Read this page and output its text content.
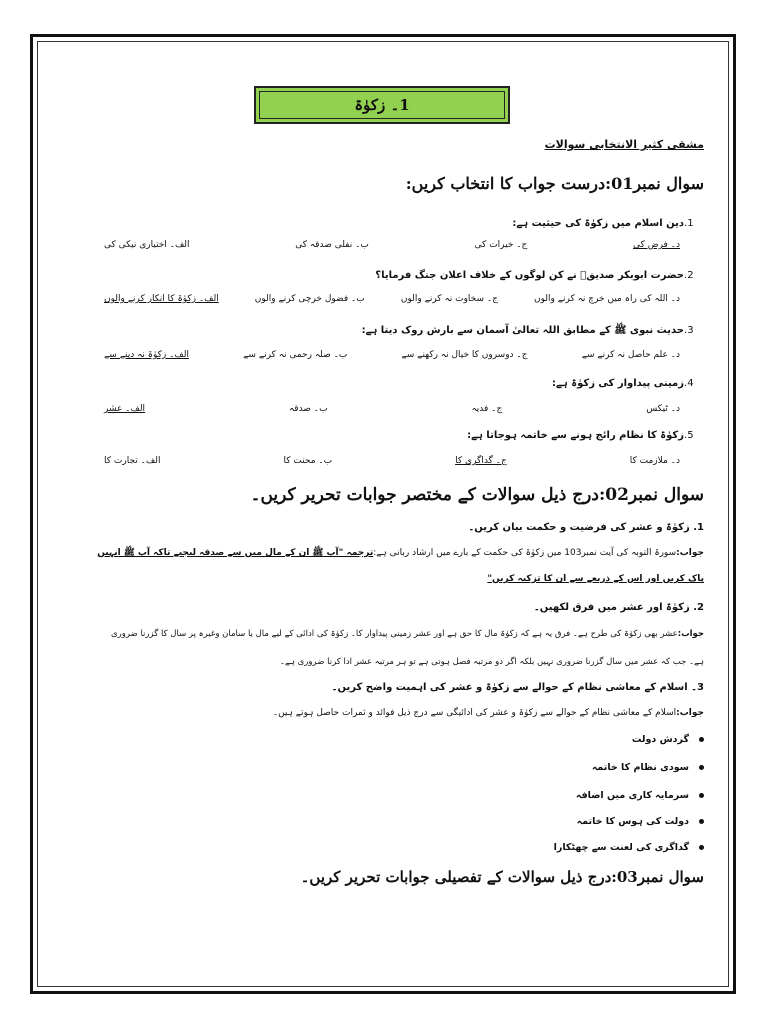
1۔ زکوٰۃ
مشقی کثیر الانتخابی سوالات
سوال نمبر01:درست جواب کا انتخاب کریں:
1.دین اسلام میں زکوٰۃ کی حیثیت ہے:
الف۔ اختیاری نیکی کی	ب۔ نفلی صدقہ کی	ج۔ خیرات کی	د۔ فرض کی
2.حضرت ابوبکر صدیقؓ نے کن لوگوں کے خلاف اعلان جنگ فرمایا؟
الف۔ زکوٰۃ کا انکار کرنے والوں	ب۔ فضول خرچی کرنے والوں	ج۔ سخاوت نہ کرنے والوں	د۔ اللہ کی راہ میں خرچ نہ کرنے والوں
3.حدیث نبوی ﷺ کے مطابق اللہ تعالیٰ آسمان سے بارش روک دیتا ہے:
الف۔ زکوٰۃ نہ دینے سے	ب۔ صلہ رحمی نہ کرنے سے	ج۔ دوسروں کا خیال نہ رکھنے سے	د۔ علم حاصل نہ کرنے سے
4.زمینی پیداوار کی زکوٰۃ ہے:
الف۔ عشر	ب۔ صدقہ	ج۔ فدیہ	د۔ ٹیکس
5.زکوٰۃ کا نظام رائج ہونے سے خاتمہ ہوجاتا ہے:
الف۔ تجارت کا	ب۔ محنت کا	ج۔ گداگری کا	د۔ ملازمت کا
سوال نمبر02:درج ذیل سوالات کے مختصر جوابات تحریر کریں۔
1. زکوٰۃ و عشر کی فرضیت و حکمت بیان کریں۔
جواب:سورۃ التوبہ کی آیت نمبر103 میں زکوٰۃ کی حکمت کے بارے میں ارشاد ربانی ہے:ترجمہ "آپ ﷺ ان کے مال میں سے صدقہ لیجیے تاکہ آپ ﷺ انہیں
پاک کریں اور اس کے ذریعے سے ان کا تزکیہ کریں"
2. زکوٰۃ اور عشر میں فرق لکھیں۔
جواب:عشر بھی زکوٰۃ کی طرح ہے۔ فرق یہ ہے کہ زکوٰۃ مال کا حق ہے اور عشر زمینی پیداوار کا۔ زکوٰۃ کی ادائی کے لیے مال یا سامان وغیرہ پر سال کا گزرنا ضروری
ہے۔ جب کہ عشر میں سال گزرنا ضروری نہیں بلکہ اگر دو مرتبہ فصل ہوتی ہے تو ہر مرتبہ عشر ادا کرنا ضروری ہے۔
3۔ اسلام کے معاشی نظام کے حوالے سے زکوٰۃ و عشر کی اہمیت واضح کریں۔
جواب:اسلام کے معاشی نظام کے حوالے سے زکوٰۃ و عشر کی ادائیگی سے درج ذیل فوائد و ثمرات حاصل ہوتے ہیں۔
گردش دولت
سودی نظام کا خاتمہ
سرمایہ کاری میں اضافہ
دولت کی ہوس کا خاتمہ
گداگری کی لعنت سے چھٹکارا
سوال نمبر03:درج ذیل سوالات کے تفصیلی جوابات تحریر کریں۔
